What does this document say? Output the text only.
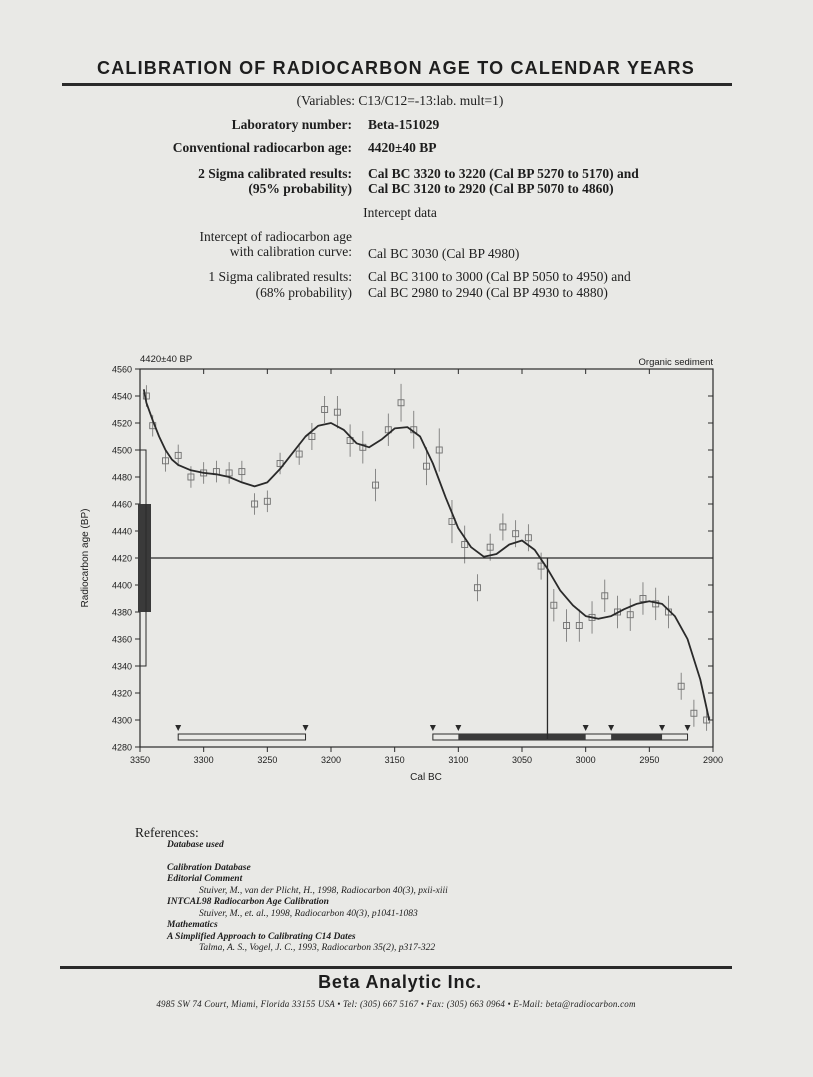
CALIBRATION OF RADIOCARBON AGE TO CALENDAR YEARS
(Variables: C13/C12=-13:lab. mult=1)
Laboratory number: Beta-151029
Conventional radiocarbon age: 4420±40 BP
2 Sigma calibrated results:
(95% probability)
Cal BC 3320 to 3220 (Cal BP 5270 to 5170) and
Cal BC 3120 to 2920 (Cal BP 5070 to 4860)
Intercept data
Intercept of radiocarbon age
with calibration curve: Cal BC 3030 (Cal BP 4980)
1 Sigma calibrated results:
(68% probability)
Cal BC 3100 to 3000 (Cal BP 5050 to 4950) and
Cal BC 2980 to 2940 (Cal BP 4930 to 4880)
4280
4300
4320
4340
4360
4380
4400
4420
4440
4460
4480
4500
4520
4540
4560
3350	3300	3250	3200	3150	3100	3050	3000	2950	2900
4420±40 BP	Organic sediment
Cal BC
Radiocarbon age (BP)

References:

Database used

Calibration Database

Editorial Comment

Stuiver, M., van der Plicht, H., 1998, Radiocarbon 40(3), pxii-xiii

INTCAL98 Radiocarbon Age Calibration

Stuiver, M., et. al., 1998, Radiocarbon 40(3), p1041-1083

Mathematics

A Simplified Approach to Calibrating C14 Dates

Talma, A. S., Vogel, J. C., 1993, Radiocarbon 35(2), p317-322

Beta Analytic Inc.
4985 SW 74 Court, Miami, Florida 33155 USA • Tel: (305) 667 5167 • Fax: (305) 663 0964 • E-Mail: beta@radiocarbon.com
